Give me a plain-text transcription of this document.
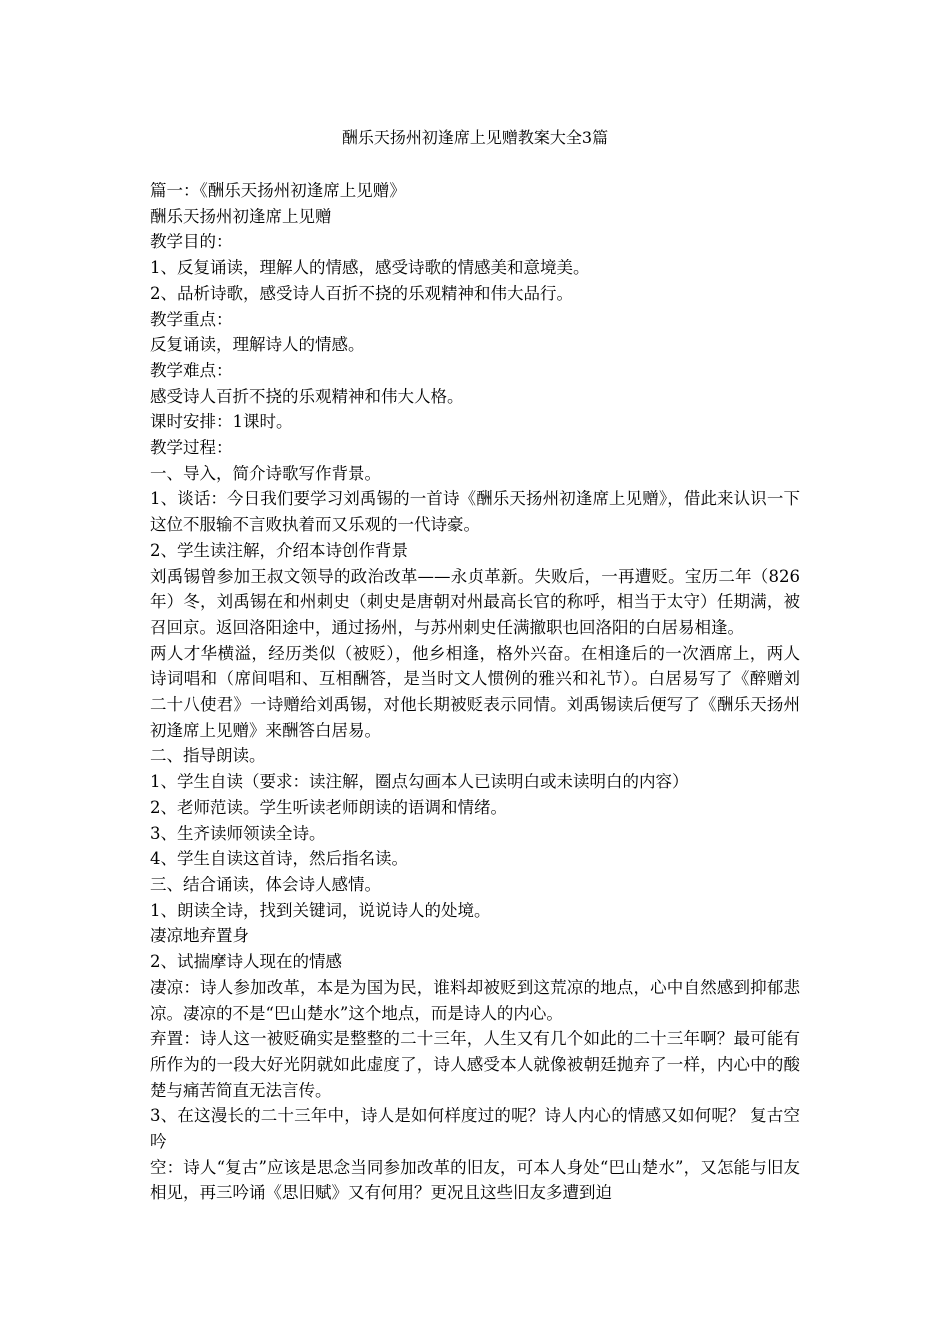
酬乐天扬州初逢席上见赠教案大全3篇

篇一：《酬乐天扬州初逢席上见赠》

酬乐天扬州初逢席上见赠

教学目的：

1、反复诵读，理解人的情感，感受诗歌的情感美和意境美。

2、品析诗歌，感受诗人百折不挠的乐观精神和伟大品行。

教学重点：

反复诵读，理解诗人的情感。

教学难点：

感受诗人百折不挠的乐观精神和伟大人格。

课时安排：1课时。

教学过程：

一、导入，简介诗歌写作背景。

1、谈话：今日我们要学习刘禹锡的一首诗《酬乐天扬州初逢席上见赠》，借此来认识一下这位不服输不言败执着而又乐观的一代诗豪。

2、学生读注解，介绍本诗创作背景

刘禹锡曾参加王叔文领导的政治改革——永贞革新。失败后，一再遭贬。宝历二年（826年）冬，刘禹锡在和州刺史（刺史是唐朝对州最高长官的称呼，相当于太守）任期满，被召回京。返回洛阳途中，通过扬州，与苏州刺史任满撤职也回洛阳的白居易相逢。

两人才华横溢，经历类似（被贬），他乡相逢，格外兴奋。在相逢后的一次酒席上，两人诗词唱和（席间唱和、互相酬答，是当时文人惯例的雅兴和礼节）。白居易写了《醉赠刘二十八使君》一诗赠给刘禹锡，对他长期被贬表示同情。刘禹锡读后便写了《酬乐天扬州初逢席上见赠》来酬答白居易。

二、指导朗读。

1、学生自读（要求：读注解，圈点勾画本人已读明白或未读明白的内容）

2、老师范读。学生听读老师朗读的语调和情绪。

3、生齐读师领读全诗。

4、学生自读这首诗，然后指名读。

三、结合诵读，体会诗人感情。

1、朗读全诗，找到关键词，说说诗人的处境。

凄凉地弃置身

2、试揣摩诗人现在的情感

凄凉：诗人参加改革，本是为国为民，谁料却被贬到这荒凉的地点，心中自然感到抑郁悲凉。凄凉的不是“巴山楚水”这个地点，而是诗人的内心。

弃置：诗人这一被贬确实是整整的二十三年，人生又有几个如此的二十三年啊？最可能有所作为的一段大好光阴就如此虚度了，诗人感受本人就像被朝廷抛弃了一样，内心中的酸楚与痛苦简直无法言传。

3、在这漫长的二十三年中，诗人是如何样度过的呢？诗人内心的情感又如何呢？ 复古空吟

空：诗人“复古”应该是思念当同参加改革的旧友，可本人身处“巴山楚水”，又怎能与旧友相见，再三吟诵《思旧赋》又有何用？更况且这些旧友多遭到迫
